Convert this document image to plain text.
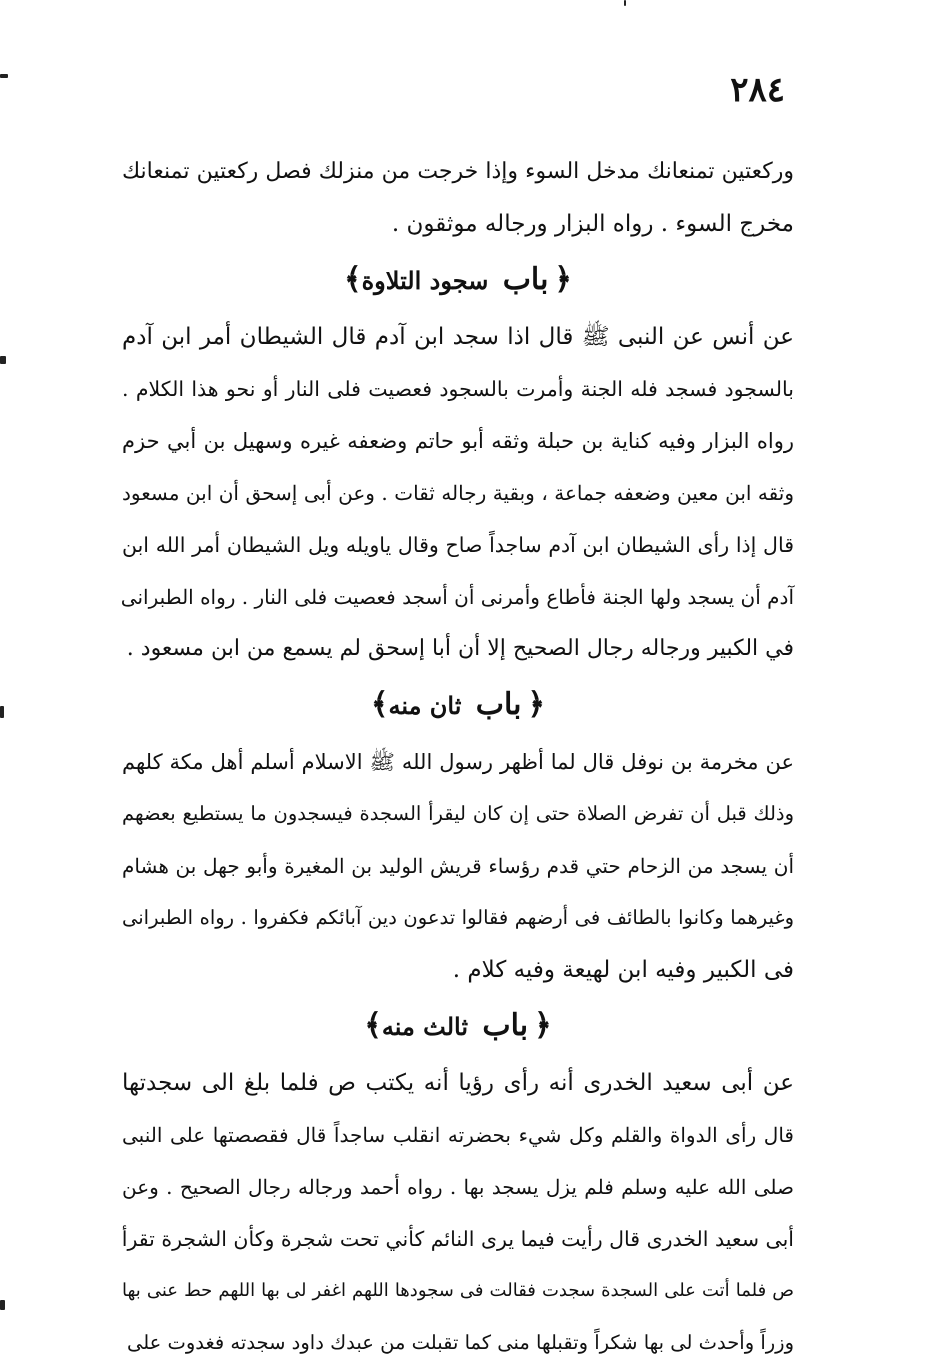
٢٨٤
وركعتين تمنعانك مدخل السوء وإذا خرجت من منزلك فصل ركعتين تمنعانك
مخرج السوء . رواه البزار ورجاله موثقون .
﴿باب سجود التلاوة﴾
عن أنس عن النبى ﷺ قال اذا سجد ابن آدم قال الشيطان أمر ابن آدم
بالسجود فسجد فله الجنة وأمرت بالسجود فعصيت فلى النار أو نحو هذا الكلام .
رواه البزار وفيه كناية بن حبلة وثقه أبو حاتم وضعفه غيره وسهيل بن أبي حزم
وثقه ابن معين وضعفه جماعة ، وبقية رجاله ثقات . وعن أبى إسحق أن ابن مسعود
قال إذا رأى الشيطان ابن آدم ساجداً صاح وقال ياويله ويل الشيطان أمر الله ابن
آدم أن يسجد ولها الجنة فأطاع وأمرنى أن أسجد فعصيت فلى النار . رواه الطبرانى
في الكبير ورجاله رجال الصحيح إلا أن أبا إسحق لم يسمع من ابن مسعود .
﴿باب ثان منه﴾
عن مخرمة بن نوفل قال لما أظهر رسول الله ﷺ الاسلام أسلم أهل مكة كلهم
وذلك قبل أن تفرض الصلاة حتى إن كان ليقرأ السجدة فيسجدون ما يستطيع بعضهم
أن يسجد من الزحام حتي قدم رؤساء قريش الوليد بن المغيرة وأبو جهل بن هشام
وغيرهما وكانوا بالطائف فى أرضهم فقالوا تدعون دين آبائكم فكفروا . رواه الطبرانى
فى الكبير وفيه ابن لهيعة وفيه كلام .
﴿باب ثالث منه﴾
عن أبى سعيد الخدرى أنه رأى رؤيا أنه يكتب ص فلما بلغ الى سجدتها
قال رأى الدواة والقلم وكل شيء بحضرته انقلب ساجداً قال فقصصتها على النبى
صلى الله عليه وسلم فلم يزل يسجد بها . رواه أحمد ورجاله رجال الصحيح . وعن
أبى سعيد الخدرى قال رأيت فيما يرى النائم كأني تحت شجرة وكأن الشجرة تقرأ
ص فلما أتت على السجدة سجدت فقالت فى سجودها اللهم اغفر لى بها اللهم حط عنى بها
وزراً وأحدث لى بها شكراً وتقبلها منى كما تقبلت من عبدك داود سجدته فغدوت على
